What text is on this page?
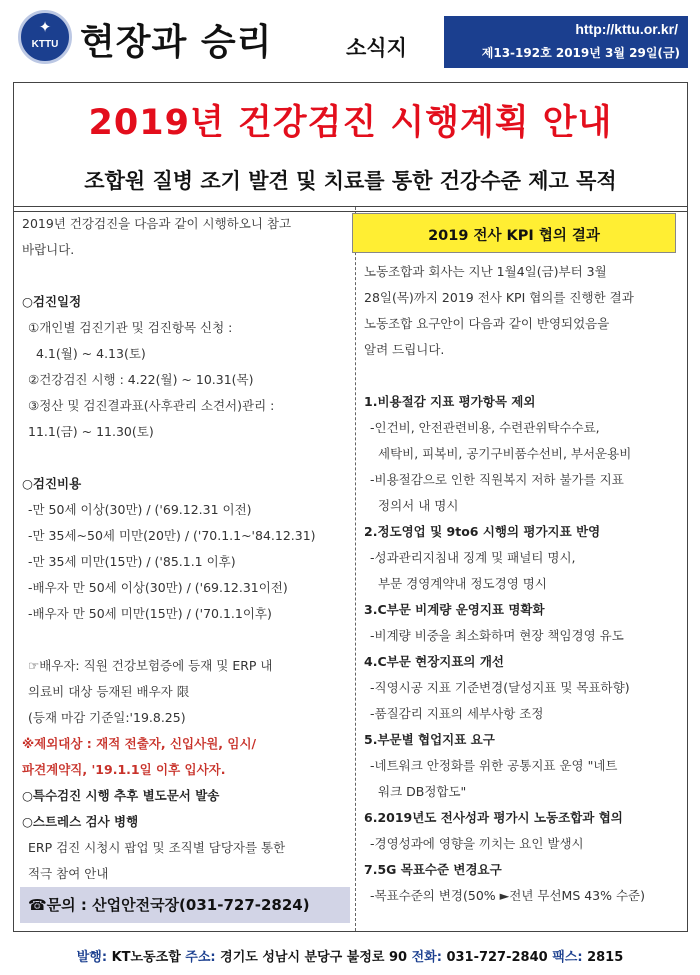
✦
KTTU 현장과 승리	소식지
http://kttu.or.kr/
제13-192호 2019년 3월 29일(금)
2019년 건강검진 시행계획 안내
조합원 질병 조기 발견 및 치료를 통한 건강수준 제고 목적
2019년 건강검진을 다음과 같이 시행하오니 참고
바랍니다.
○검진일정
①개인별 검진기관 및 검진항목 신청 :
4.1(월) ~ 4.13(토)
②건강검진 시행 : 4.22(월) ~ 10.31(목)
③정산 및 검진결과표(사후관리 소견서)관리 :
11.1(금) ~ 11.30(토)
○검진비용
-만 50세 이상(30만) / ('69.12.31 이전)
-만 35세~50세 미만(20만) / ('70.1.1~'84.12.31)
-만 35세 미만(15만) / ('85.1.1 이후)
-배우자 만 50세 이상(30만) / ('69.12.31이전)
-배우자 만 50세 미만(15만) / ('70.1.1이후)
☞배우자: 직원 건강보험증에 등재 및 ERP 내
의료비 대상 등재된 배우자 限
(등재 마감 기준일:'19.8.25)
※제외대상 : 재적 전출자, 신입사원, 임시/
파견계약직, '19.1.1일 이후 입사자.
○특수검진 시행 추후 별도문서 발송
○스트레스 검사 병행
ERP 검진 시청시 팝업 및 조직별 담당자를 통한
적극 참여 안내
☎문의 : 산업안전국장(031-727-2824)
2019 전사 KPI 협의 결과
노동조합과 회사는 지난 1월4일(금)부터 3월
28일(목)까지 2019 전사 KPI 협의를 진행한 결과
노동조합 요구안이 다음과 같이 반영되었음을
알려 드립니다.
1.비용절감 지표 평가항목 제외
-인건비, 안전관련비용, 수련관위탁수수료,
세탁비, 피복비, 공기구비품수선비, 부서운용비
-비용절감으로 인한 직원복지 저하 불가를 지표
정의서 내 명시
2.정도영업 및 9to6 시행의 평가지표 반영
-성과관리지침내 징계 및 패널티 명시,
부문 경영계약내 정도경영 명시
3.C부문 비계량 운영지표 명확화
-비계량 비중을 최소화하며 현장 책임경영 유도
4.C부문 현장지표의 개선
-직영시공 지표 기준변경(달성지표 및 목표하향)
-품질감리 지표의 세부사항 조정
5.부문별 협업지표 요구
-네트워크 안정화를 위한 공통지표 운영 "네트
워크 DB정합도"
6.2019년도 전사성과 평가시 노동조합과 협의
-경영성과에 영향을 끼치는 요인 발생시
7.5G 목표수준 변경요구
-목표수준의 변경(50% ►전년 무선MS 43% 수준)
발행: KT노동조합 주소: 경기도 성남시 분당구 불정로 90 전화: 031-727-2840 팩스: 2815
